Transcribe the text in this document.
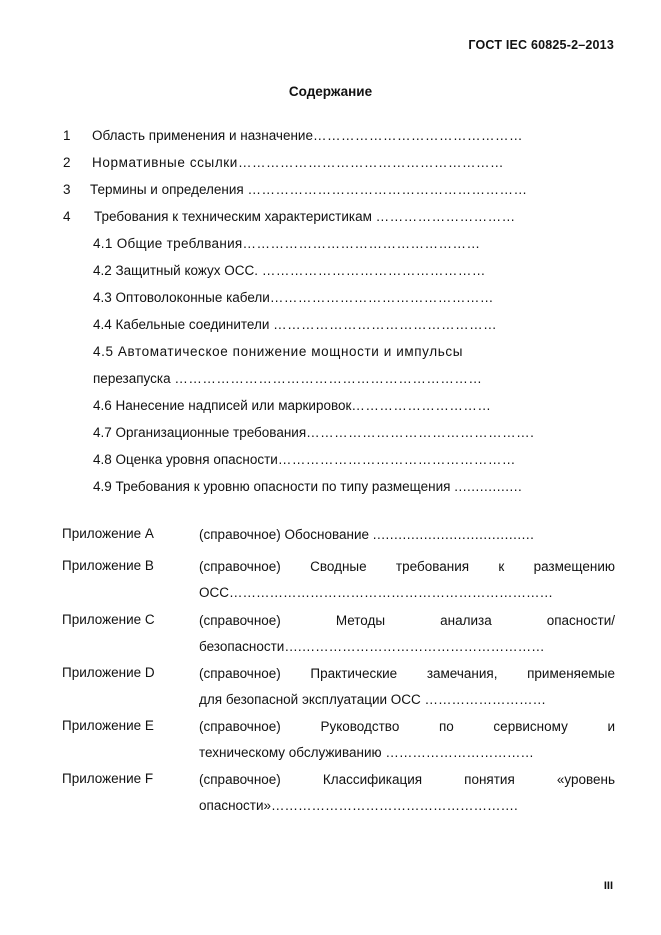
ГОСТ IEC 60825-2–2013
Содержание
1 Область применения и назначение………………………………………
2 Нормативные ссылки…………………………………………………
3 Термины и определения ……………………………………………………
4 Требования к техническим характеристикам …………………………
4.1 Общие треблвания……………………………………………
4.2 Защитный кожух ОСС. …………………………………………
4.3 Оптоволоконные кабели…………………………………………
4.4 Кабельные соединители …………………………………………
4.5 Автоматическое понижение мощности и импульсы
перезапуска …………………………………………………………
4.6 Нанесение надписей или маркировок…………………………
4.7 Организационные требования………………………………………….
4.8 Оценка уровня опасности……………………………………………
4.9 Требования к уровню опасности по типу размещения ................
Приложение А	(справочное) Обоснование ......................................
Приложение В	(справочное) Сводные требования к размещению
ОСС………………………………………………………………
Приложение С	(справочное) Методы анализа опасности/
безопасности….………………………………………………
Приложение D	(справочное) Практические замечания, применяемые
для безопасной эксплуатации ОСС ………………………
Приложение Е	(справочное) Руководство по сервисному и
техническому обслуживанию ……………………………
Приложение F	(справочное) Классификация понятия «уровень
опасности»……………………………………………….
III
